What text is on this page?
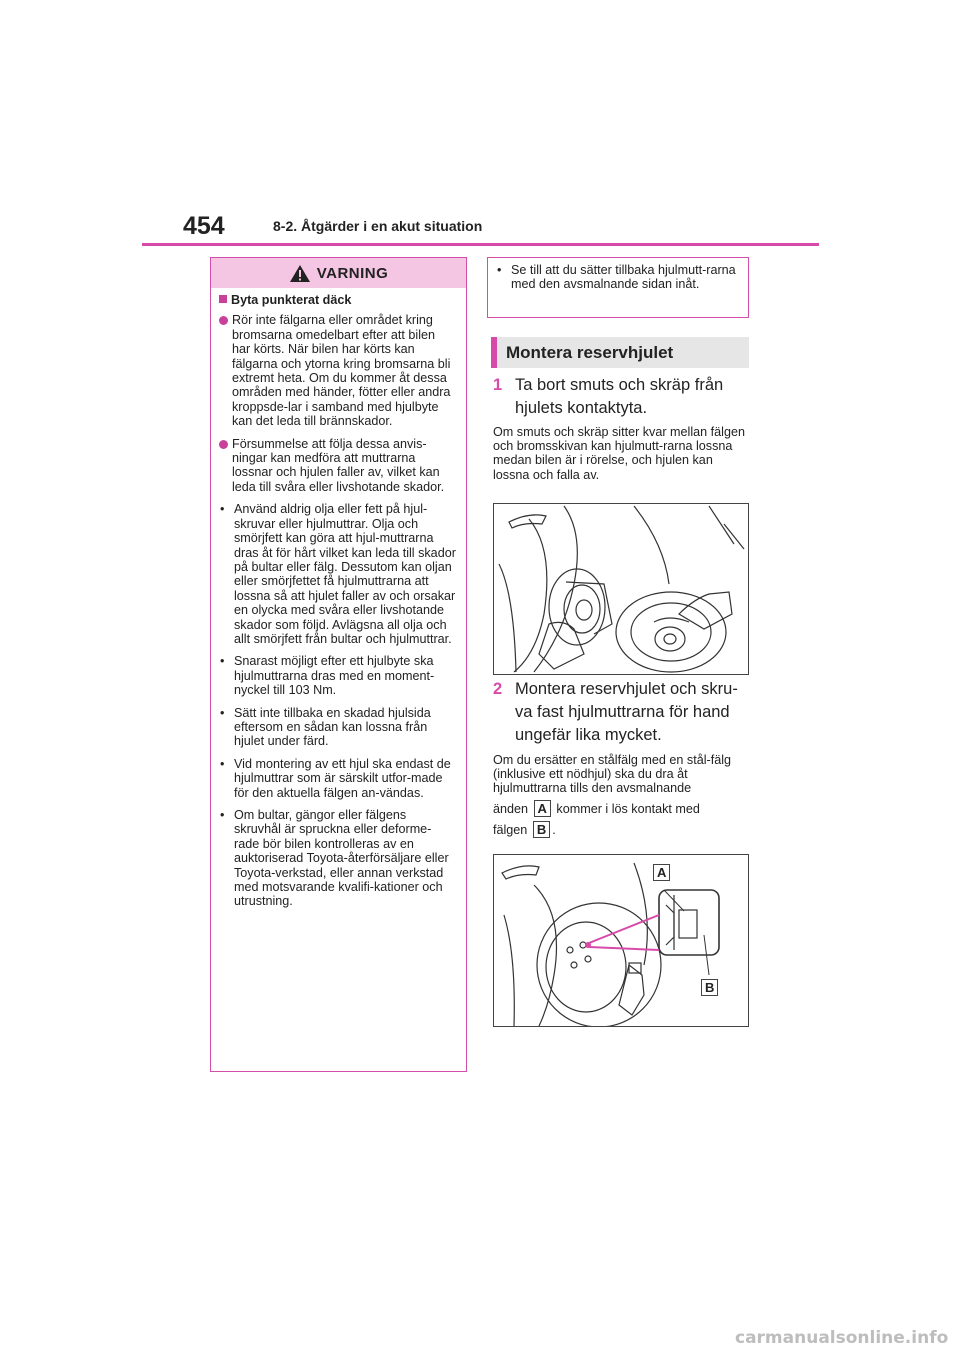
454	8-2. Åtgärder i en akut situation
VARNING
Byta punkterat däck
Rör inte fälgarna eller området kring bromsarna omedelbart efter att bilen har körts. När bilen har körts kan fälgarna och ytorna kring bromsarna bli extremt heta. Om du kommer åt dessa områden med händer, fötter eller andra kroppsde-lar i samband med hjulbyte kan det leda till brännskador.
Försummelse att följa dessa anvis-ningar kan medföra att muttrarna lossnar och hjulen faller av, vilket kan leda till svåra eller livshotande skador.
• Använd aldrig olja eller fett på hjul-skruvar eller hjulmuttrar. Olja och smörjfett kan göra att hjul-muttrarna dras åt för hårt vilket kan leda till skador på bultar eller fälg. Dessutom kan oljan eller smörjfettet få hjulmuttrarna att lossna så att hjulet faller av och orsakar en olycka med svåra eller livshotande skador som följd. Avlägsna all olja och allt smörjfett från bultar och hjulmuttrar.
• Snarast möjligt efter ett hjulbyte ska hjulmuttrarna dras med en moment-nyckel till 103 Nm.
• Sätt inte tillbaka en skadad hjulsida eftersom en sådan kan lossna från hjulet under färd.
• Vid montering av ett hjul ska endast de hjulmuttrar som är särskilt utfor-made för den aktuella fälgen an-vändas.
• Om bultar, gängor eller fälgens skruvhål är spruckna eller deforme-rade bör bilen kontrolleras av en auktoriserad Toyota-återförsäljare eller Toyota-verkstad, eller annan verkstad med motsvarande kvalifi-kationer och utrustning.
• Se till att du sätter tillbaka hjulmutt-rarna med den avsmalnande sidan inåt.
Montera reservhjulet
1 Ta bort smuts och skräp från hjulets kontaktyta.
Om smuts och skräp sitter kvar mellan fälgen och bromsskivan kan hjulmutt-rarna lossna medan bilen är i rörelse, och hjulen kan lossna och falla av.
2 Montera reservhjulet och skru-va fast hjulmuttrarna för hand ungefär lika mycket.
Om du ersätter en stålfälg med en stål-fälg (inklusive ett nödhjul) ska du dra åt hjulmuttrarna tills den avsmalnande
änden A kommer i lös kontakt med
fälgen B .
A
B
carmanualsonline.info
